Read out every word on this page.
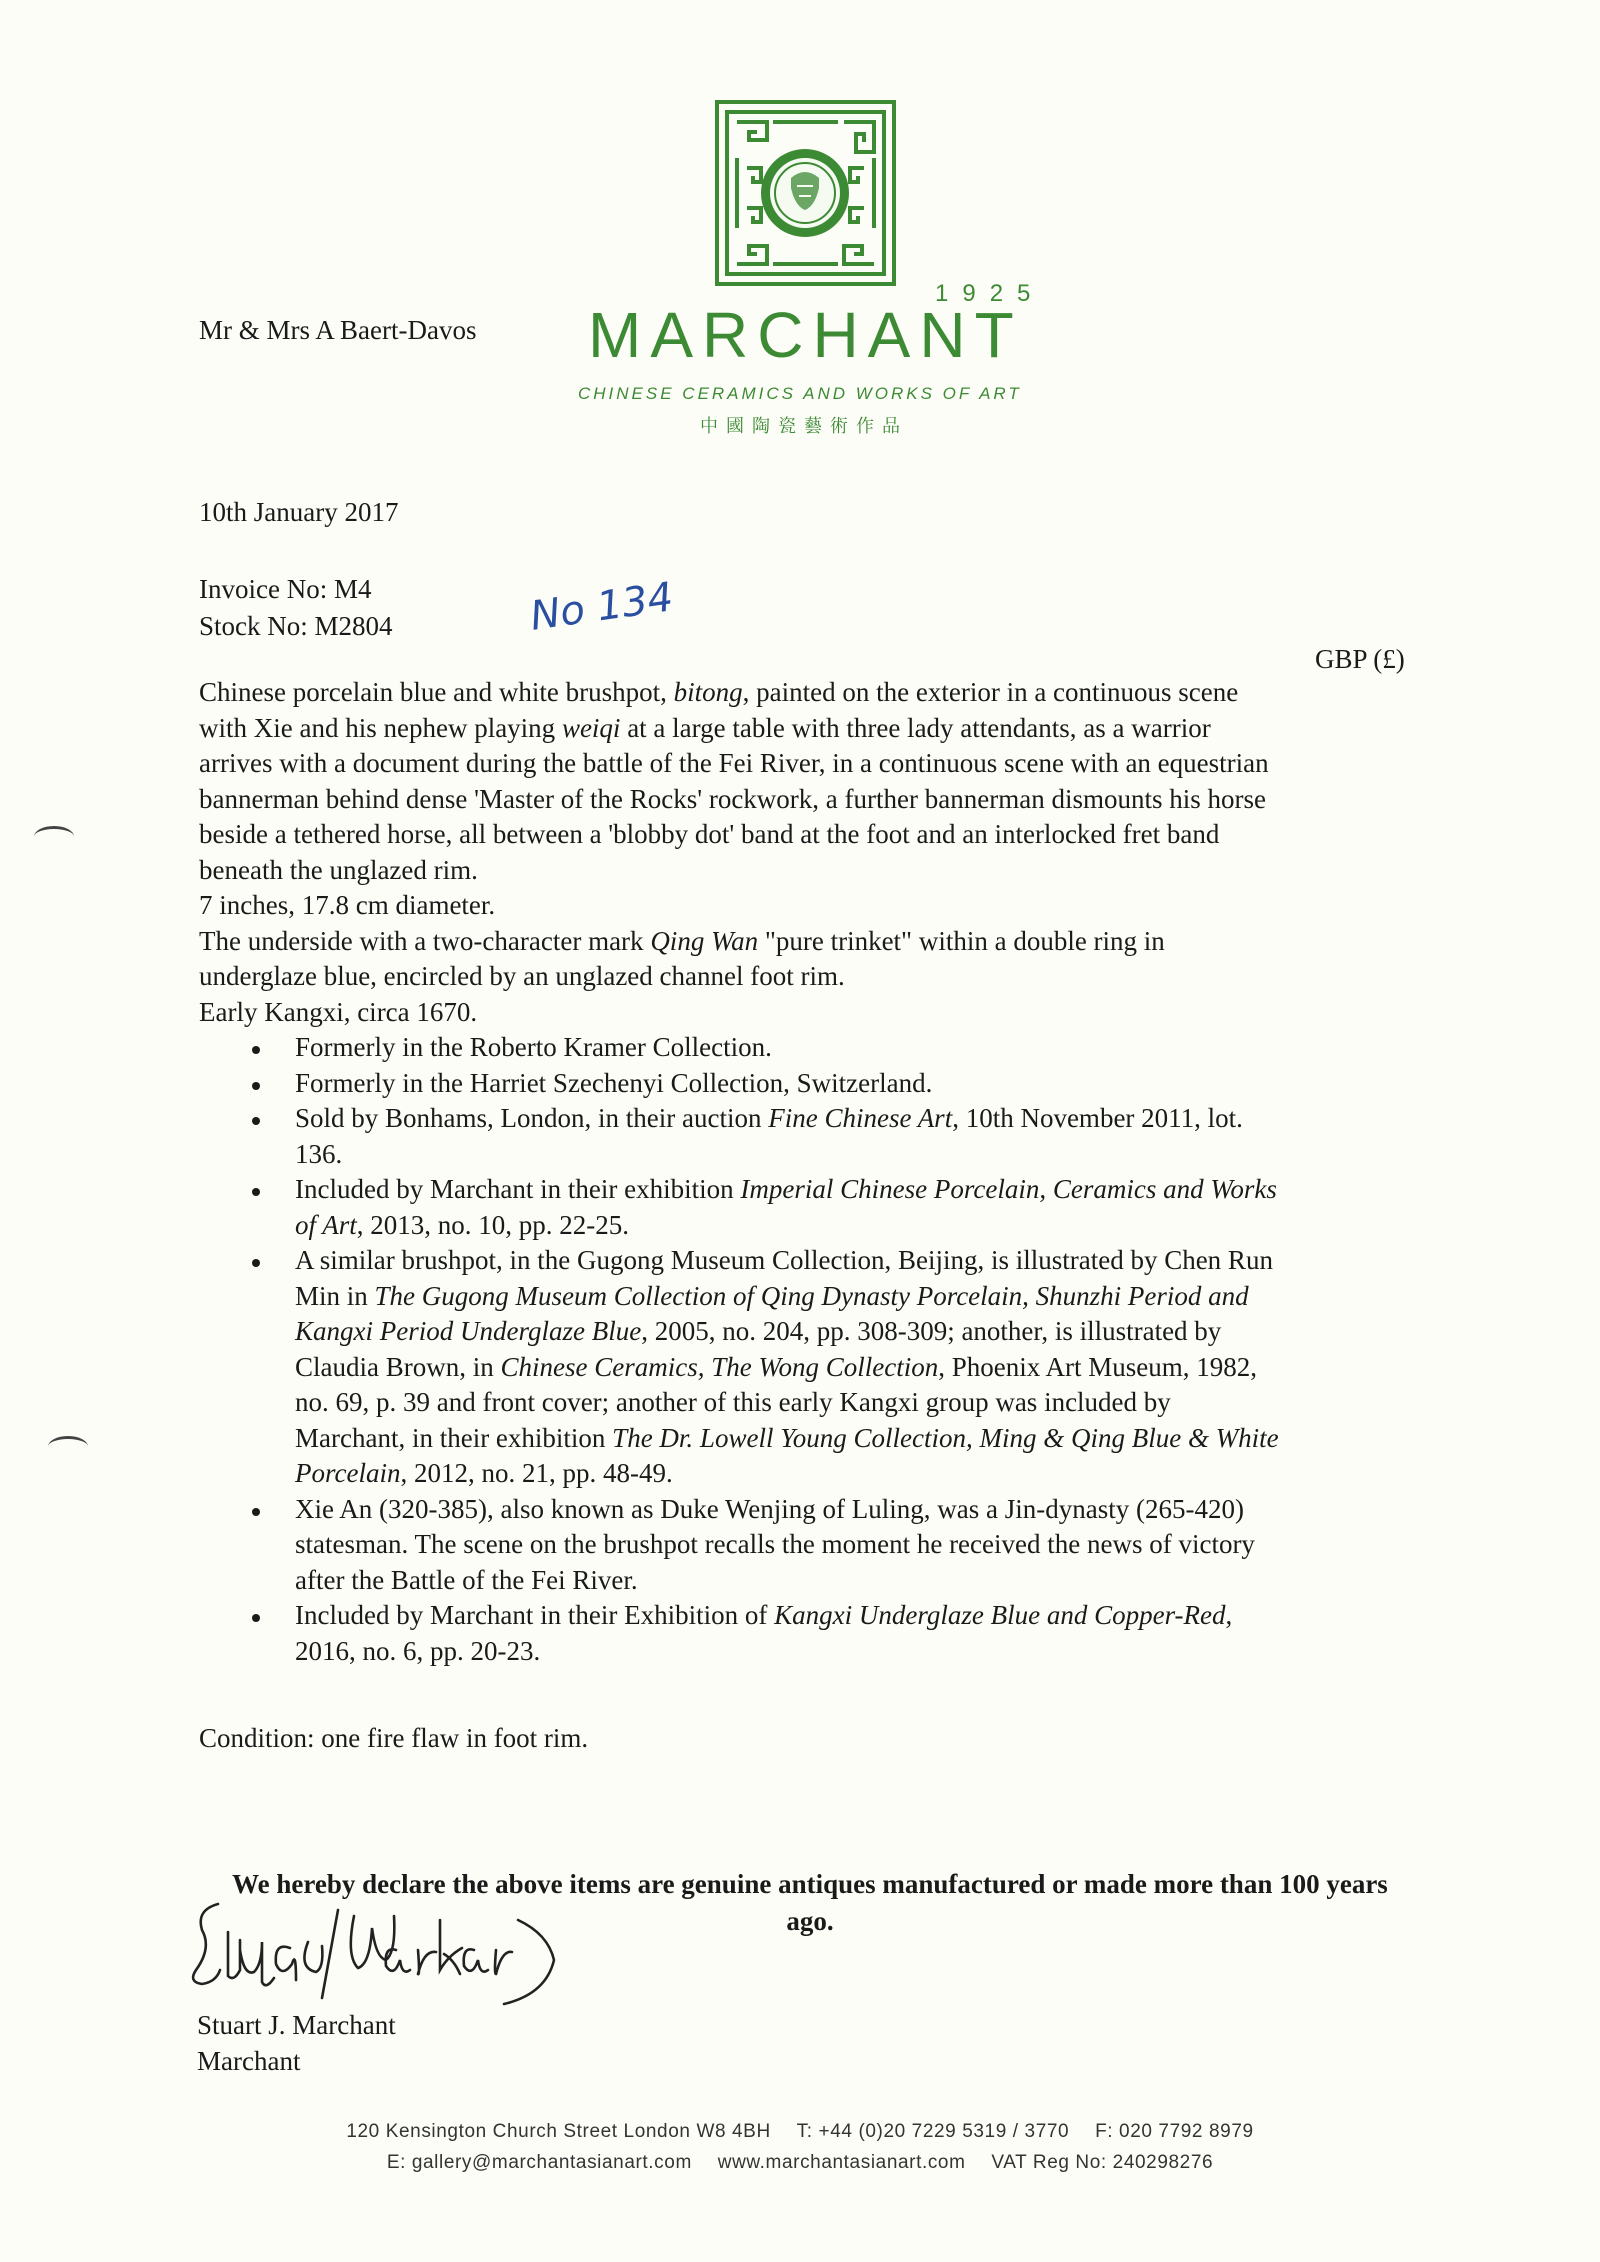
1925
MARCHANT
CHINESE CERAMICS AND WORKS OF ART
中國陶瓷藝術作品
Mr & Mrs A Baert-Davos
10th January 2017
Invoice No: M4
Stock No: M2804	No 134
GBP (£)

Chinese porcelain blue and white brushpot, bitong, painted on the exterior in a continuous scene with Xie and his nephew playing weiqi at a large table with three lady attendants, as a warrior arrives with a document during the battle of the Fei River, in a continuous scene with an equestrian bannerman behind dense 'Master of the Rocks' rockwork, a further bannerman dismounts his horse beside a tethered horse, all between a 'blobby dot' band at the foot and an interlocked fret band beneath the unglazed rim.

7 inches, 17.8 cm diameter.

The underside with a two-character mark Qing Wan "pure trinket" within a double ring in underglaze blue, encircled by an unglazed channel foot rim.

Early Kangxi, circa 1670.

Formerly in the Roberto Kramer Collection.
Formerly in the Harriet Szechenyi Collection, Switzerland.
Sold by Bonhams, London, in their auction Fine Chinese Art, 10th November 2011, lot. 136.
Included by Marchant in their exhibition Imperial Chinese Porcelain, Ceramics and Works of Art, 2013, no. 10, pp. 22-25.
A similar brushpot, in the Gugong Museum Collection, Beijing, is illustrated by Chen Run Min in The Gugong Museum Collection of Qing Dynasty Porcelain, Shunzhi Period and Kangxi Period Underglaze Blue, 2005, no. 204, pp. 308-309; another, is illustrated by Claudia Brown, in Chinese Ceramics, The Wong Collection, Phoenix Art Museum, 1982, no. 69, p. 39 and front cover; another of this early Kangxi group was included by Marchant, in their exhibition The Dr. Lowell Young Collection, Ming & Qing Blue & White Porcelain, 2012, no. 21, pp. 48-49.
Xie An (320-385), also known as Duke Wenjing of Luling, was a Jin-dynasty (265-420) statesman. The scene on the brushpot recalls the moment he received the news of victory after the Battle of the Fei River.
Included by Marchant in their Exhibition of Kangxi Underglaze Blue and Copper-Red, 2016, no. 6, pp. 20-23.
Condition: one fire flaw in foot rim.
We hereby declare the above items are genuine antiques manufactured or made more than 100 years ago.
Stuart J. Marchant
Marchant
120 Kensington Church Street London W8 4BH T: +44 (0)20 7229 5319 / 3770 F: 020 7792 8979
E: gallery@marchantasianart.com www.marchantasianart.com VAT Reg No: 240298276
